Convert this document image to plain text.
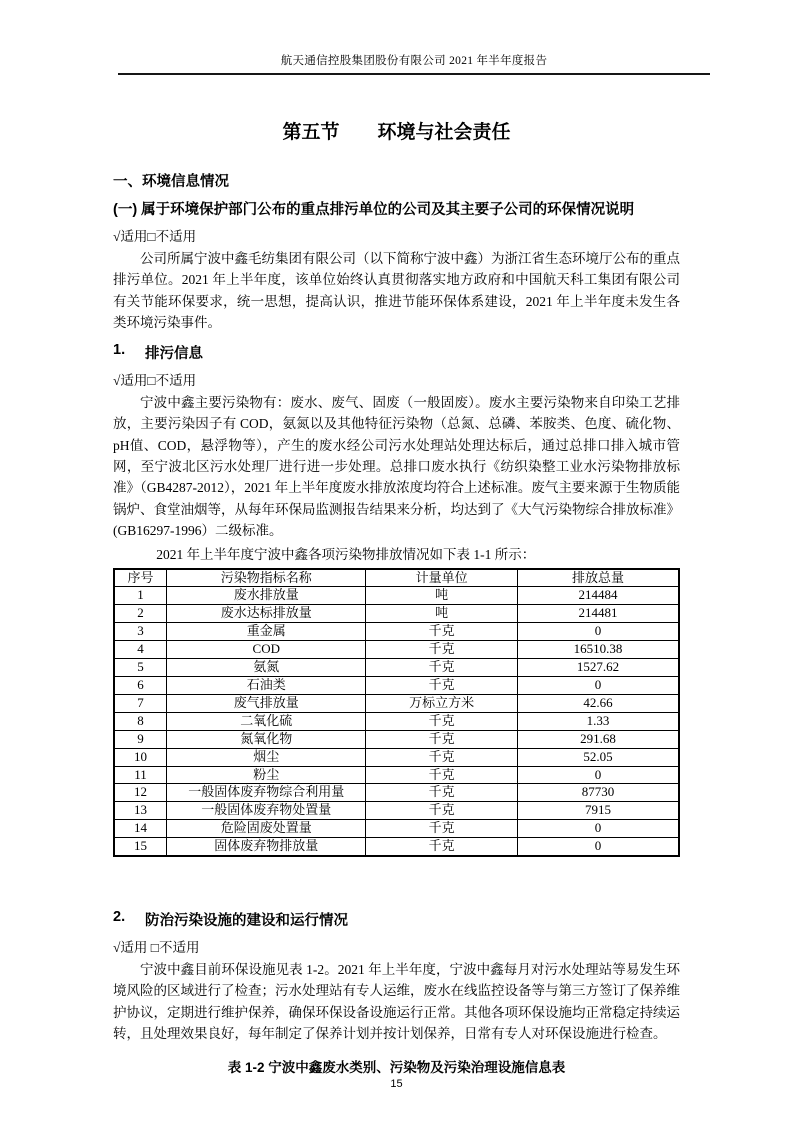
航天通信控股集团股份有限公司 2021 年半年度报告
第五节　　环境与社会责任
一、环境信息情况
(一) 属于环境保护部门公布的重点排污单位的公司及其主要子公司的环保情况说明
√适用□不适用
公司所属宁波中鑫毛纺集团有限公司（以下简称宁波中鑫）为浙江省生态环境厅公布的重点排污单位。2021 年上半年度，该单位始终认真贯彻落实地方政府和中国航天科工集团有限公司有关节能环保要求，统一思想，提高认识，推进节能环保体系建设，2021 年上半年度未发生各类环境污染事件。
1.	排污信息
√适用□不适用
宁波中鑫主要污染物有：废水、废气、固废（一般固废）。废水主要污染物来自印染工艺排放，主要污染因子有 COD，氨氮以及其他特征污染物（总氮、总磷、苯胺类、色度、硫化物、pH值、COD，悬浮物等），产生的废水经公司污水处理站处理达标后，通过总排口排入城市管网，至宁波北区污水处理厂进行进一步处理。总排口废水执行《纺织染整工业水污染物排放标准》（GB4287-2012），2021 年上半年度废水排放浓度均符合上述标准。废气主要来源于生物质能锅炉、食堂油烟等，从每年环保局监测报告结果来分析，均达到了《大气污染物综合排放标准》(GB16297-1996）二级标准。
2021 年上半年度宁波中鑫各项污染物排放情况如下表 1-1 所示：
序号	污染物指标名称	计量单位	排放总量
1	废水排放量	吨	214484
2	废水达标排放量	吨	214481
3	重金属	千克	0
4	COD	千克	16510.38
5	氨氮	千克	1527.62
6	石油类	千克	0
7	废气排放量	万标立方米	42.66
8	二氧化硫	千克	1.33
9	氮氧化物	千克	291.68
10	烟尘	千克	52.05
11	粉尘	千克	0
12	一般固体废弃物综合利用量	千克	87730
13	一般固体废弃物处置量	千克	7915
14	危险固废处置量	千克	0
15	固体废弃物排放量	千克	0
2.	防治污染设施的建设和运行情况
√适用 □不适用
宁波中鑫目前环保设施见表 1-2。2021 年上半年度，宁波中鑫每月对污水处理站等易发生环境风险的区域进行了检查；污水处理站有专人运维，废水在线监控设备等与第三方签订了保养维护协议，定期进行维护保养，确保环保设备设施运行正常。其他各项环保设施均正常稳定持续运转，且处理效果良好，每年制定了保养计划并按计划保养，日常有专人对环保设施进行检查。
表 1-2 宁波中鑫废水类别、污染物及污染治理设施信息表
15
